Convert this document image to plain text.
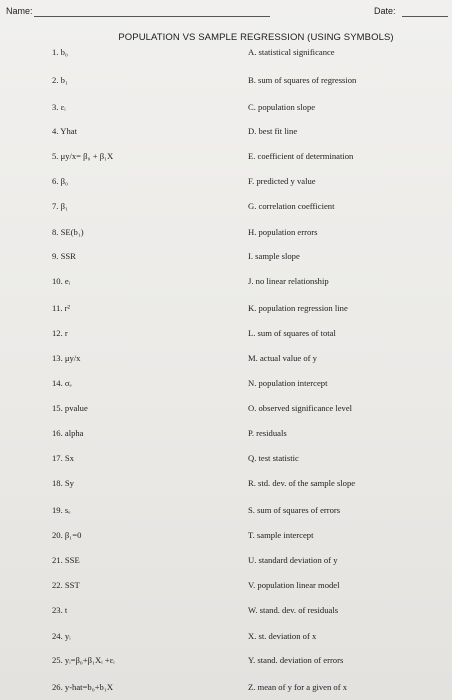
Name:	Date:
POPULATION VS SAMPLE REGRESSION (USING SYMBOLS)
1. b₀	A. statistical significance
2. b₁	B. sum of squares of regression
3. εᵢ	C. population slope
4. Yhat	D. best fit line
5. μy/x= β₀ + β₁X	E. coefficient of determination
6. β₀	F. predicted y value
7. β₁	G. correlation coefficient
8. SE(b₁)	H. population errors
9. SSR	I. sample slope
10. eᵢ	J. no linear relationship
11. r²	K. population regression line
12. r	L. sum of squares of total
13. μy/x	M. actual value of y
14. σₑ	N. population intercept
15. pvalue	O. observed significance level
16. alpha	P. residuals
17. Sx	Q. test statistic
18. Sy	R. std. dev. of the sample slope
19. sₑ	S. sum of squares of errors
20. β₁=0	T. sample intercept
21. SSE	U. standard deviation of y
22. SST	V. population linear model
23. t	W. stand. dev. of residuals
24. yᵢ	X. st. deviation of x
25. yᵢ=β₀+β₁Xᵢ +εᵢ	Y. stand. deviation of errors
26. y-hat=b₀+b₁X	Z. mean of y for a given of x
